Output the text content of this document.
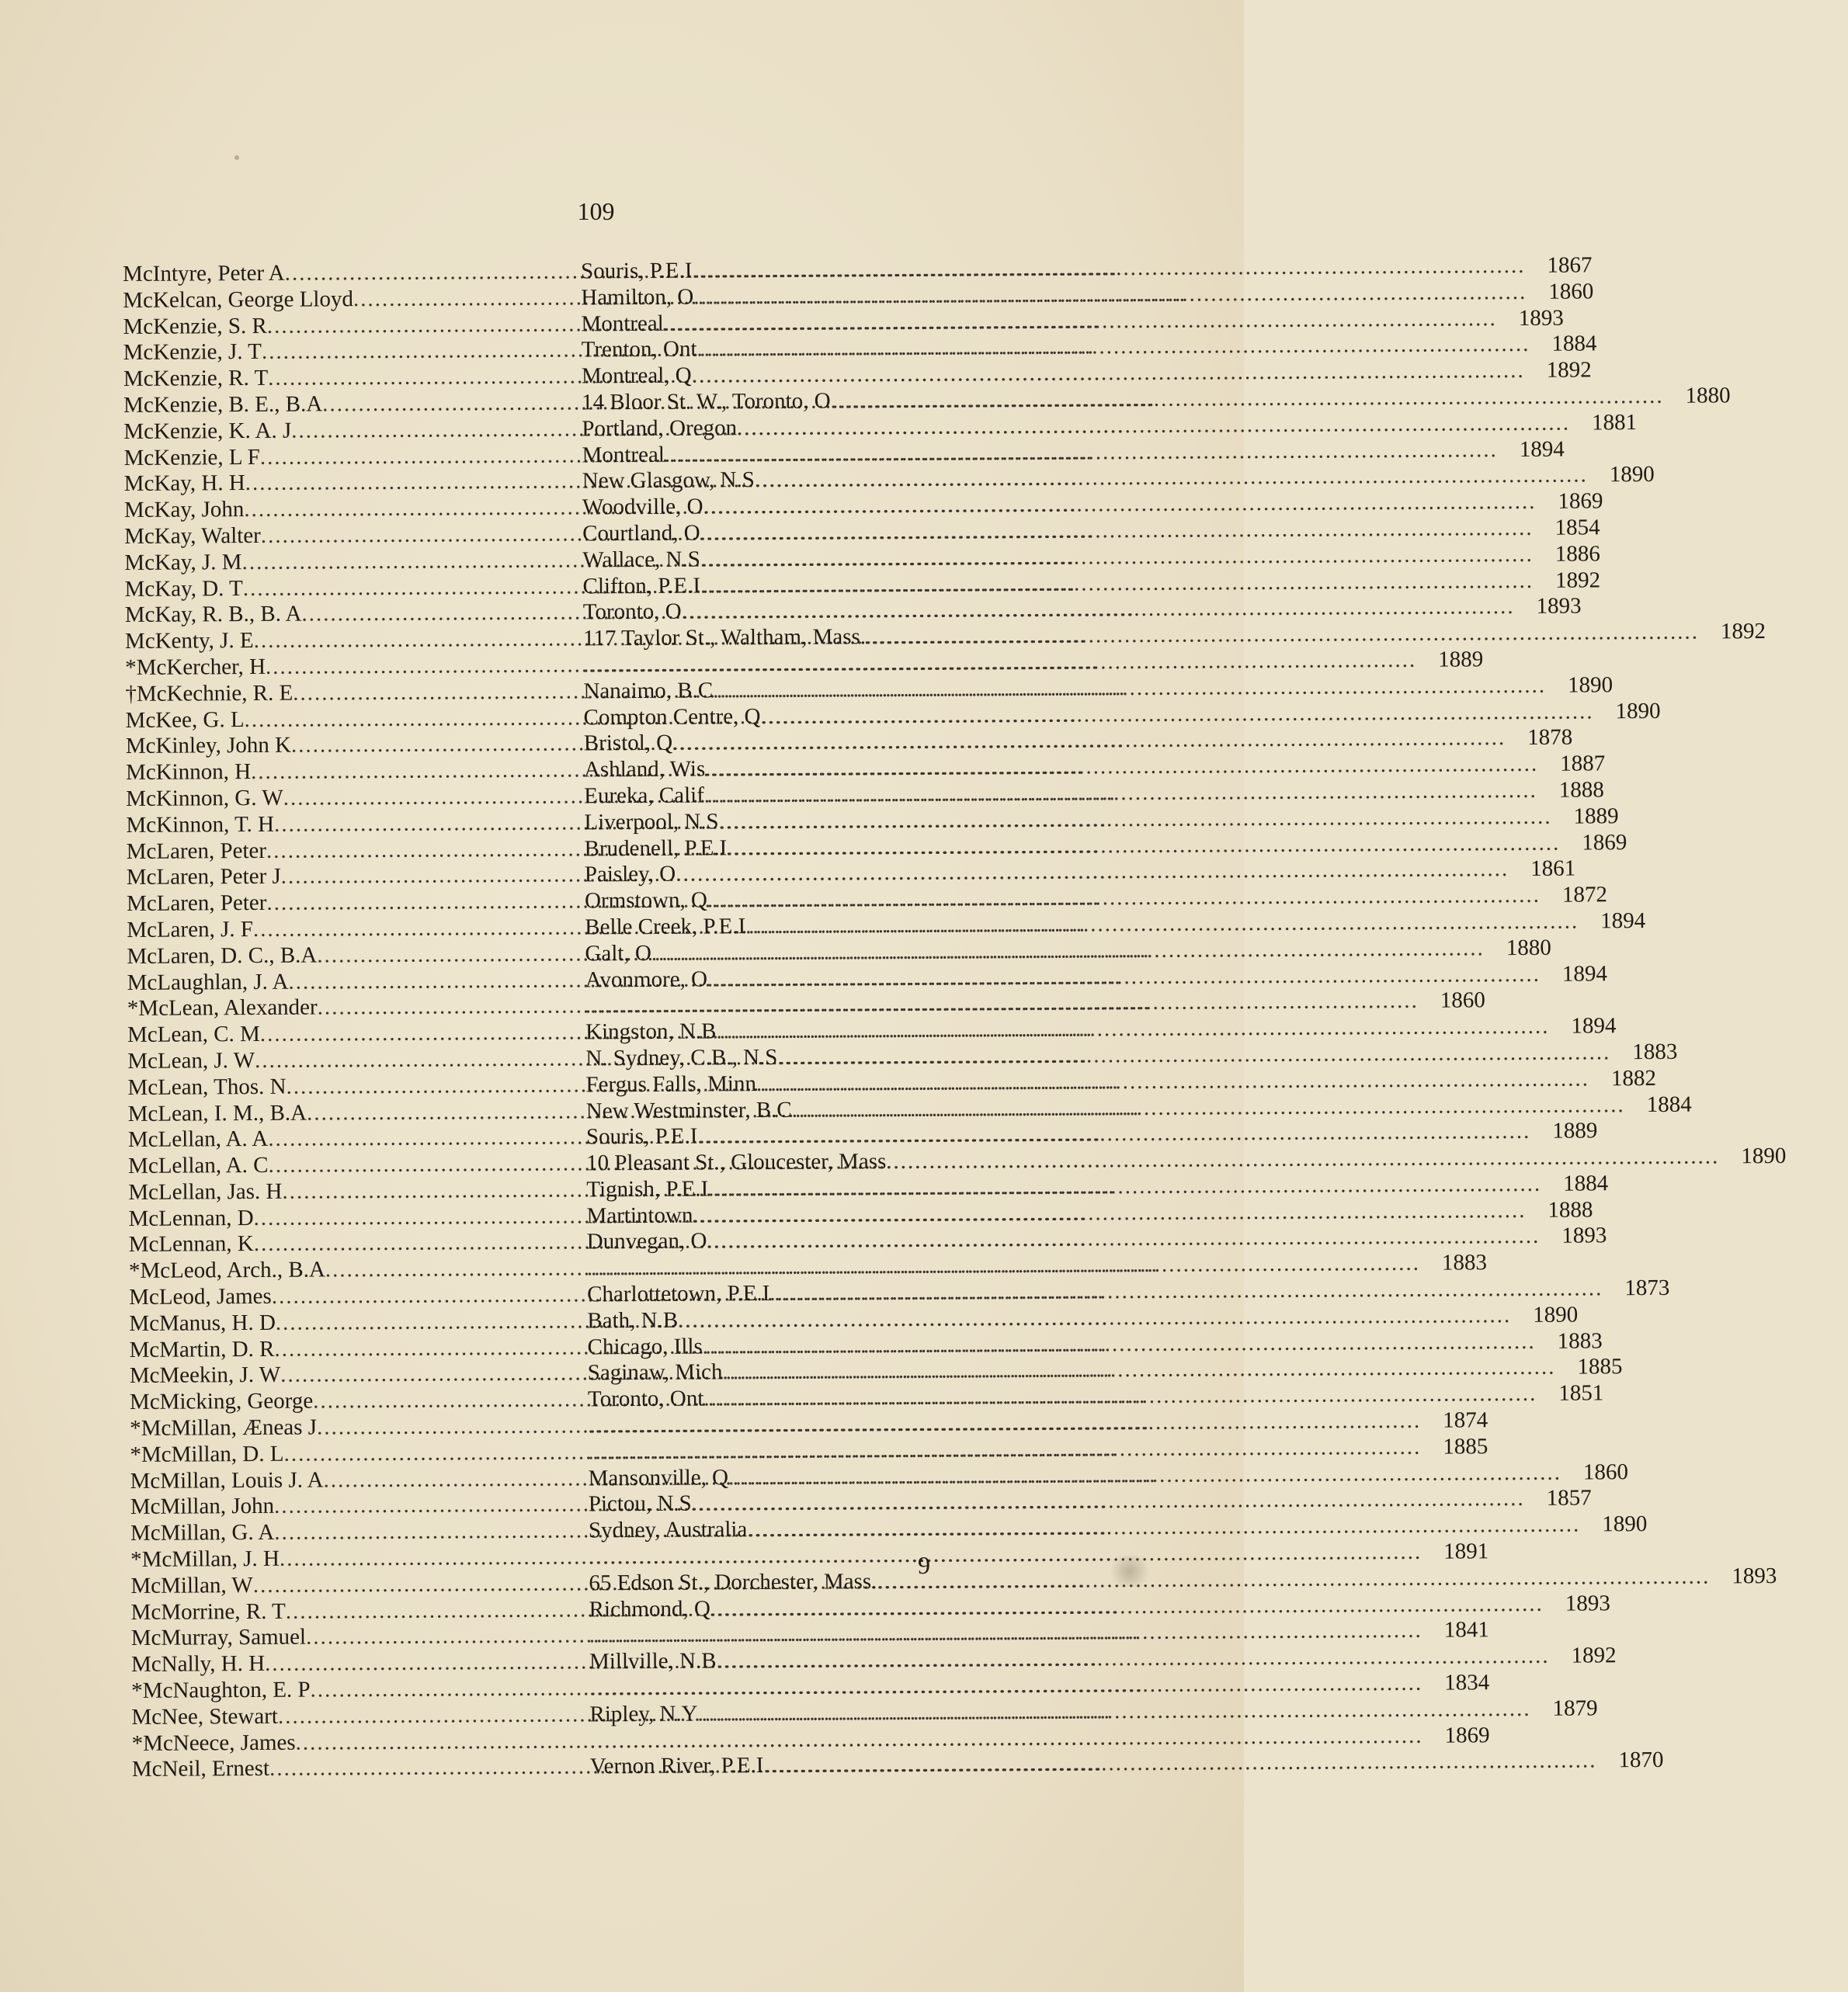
109
McIntyre, Peter A .....	Souris, P.E.I .....	1867
McKelcan, George Lloyd .....	Hamilton, O .....	1860
McKenzie, S. R .....	Montreal .....	1893
McKenzie, J. T .....	Trenton, Ont .....	1884
McKenzie, R. T .....	Montreal, Q .....	1892
McKenzie, B. E., B.A .....	14 Bloor St. W., Toronto, O .....	1880
McKenzie, K. A. J .....	Portland, Oregon .....	1881
McKenzie, L F .....	Montreal .....	1894
McKay, H. H .....	New Glasgow, N.S .....	1890
McKay, John .....	Woodville, O .....	1869
McKay, Walter .....	Courtland, O .....	1854
McKay, J. M .....	Wallace, N.S .....	1886
McKay, D. T .....	Clifton, P.E.I .....	1892
McKay, R. B., B. A .....	Toronto, O .....	1893
McKenty, J. E .....	117 Taylor St., Waltham, Mass. .....	1892
*McKercher, H ..... .....	1889
†McKechnie, R. E .....	Nanaimo, B.C .....	1890
McKee, G. L .....	Compton Centre, Q .....	1890
McKinley, John K .....	Bristol, Q .....	1878
McKinnon, H .....	Ashland, Wis .....	1887
McKinnon, G. W .....	Eureka, Calif .....	1888
McKinnon, T. H .....	Liverpool, N.S .....	1889
McLaren, Peter .....	Brudenell, P.E.I .....	1869
McLaren, Peter J .....	Paisley, O .....	1861
McLaren, Peter .....	Ormstown, Q .....	1872
McLaren, J. F .....	Belle Creek, P.E.I .....	1894
McLaren, D. C., B.A .....	Galt, O .....	1880
McLaughlan, J. A .....	Avonmore, O .....	1894
*McLean, Alexander ..... .....	1860
McLean, C. M .....	Kingston, N.B .....	1894
McLean, J. W .....	N. Sydney, C.B., N.S .....	1883
McLean, Thos. N .....	Fergus Falls, Minn .....	1882
McLean, I. M., B.A .....	New Westminster, B.C .....	1884
McLellan, A. A .....	Souris, P.E.I .....	1889
McLellan, A. C .....	10 Pleasant St., Gloucester, Mass .....	1890
McLellan, Jas. H .....	Tignish, P.E.I .....	1884
McLennan, D .....	Martintown .....	1888
McLennan, K .....	Dunvegan, O .....	1893
*McLeod, Arch., B.A ..... .....	1883
McLeod, James .....	Charlottetown, P.E.I .....	1873
McManus, H. D .....	Bath, N.B .....	1890
McMartin, D. R .....	Chicago, Ills .....	1883
McMeekin, J. W .....	Saginaw, Mich .....	1885
McMicking, George .....	Toronto, Ont .....	1851
*McMillan, Æneas J ..... .....	1874
*McMillan, D. L ..... .....	1885
McMillan, Louis J. A .....	Mansonville, Q .....	1860
McMillan, John .....	Pictou, N.S .....	1857
McMillan, G. A .....	Sydney, Australia .....	1890
*McMillan, J. H ..... .....	1891
McMillan, W .....	65 Edson St., Dorchester, Mass. .....	1893
McMorrine, R. T .....	Richmond, Q .....	1893
McMurray, Samuel ..... .....	1841
McNally, H. H .....	Millville, N.B .....	1892
*McNaughton, E. P ..... .....	1834
McNee, Stewart .....	Ripley, N.Y .....	1879
*McNeece, James ..... .....	1869
McNeil, Ernest .....	Vernon River, P.E.I .....	1870
9
